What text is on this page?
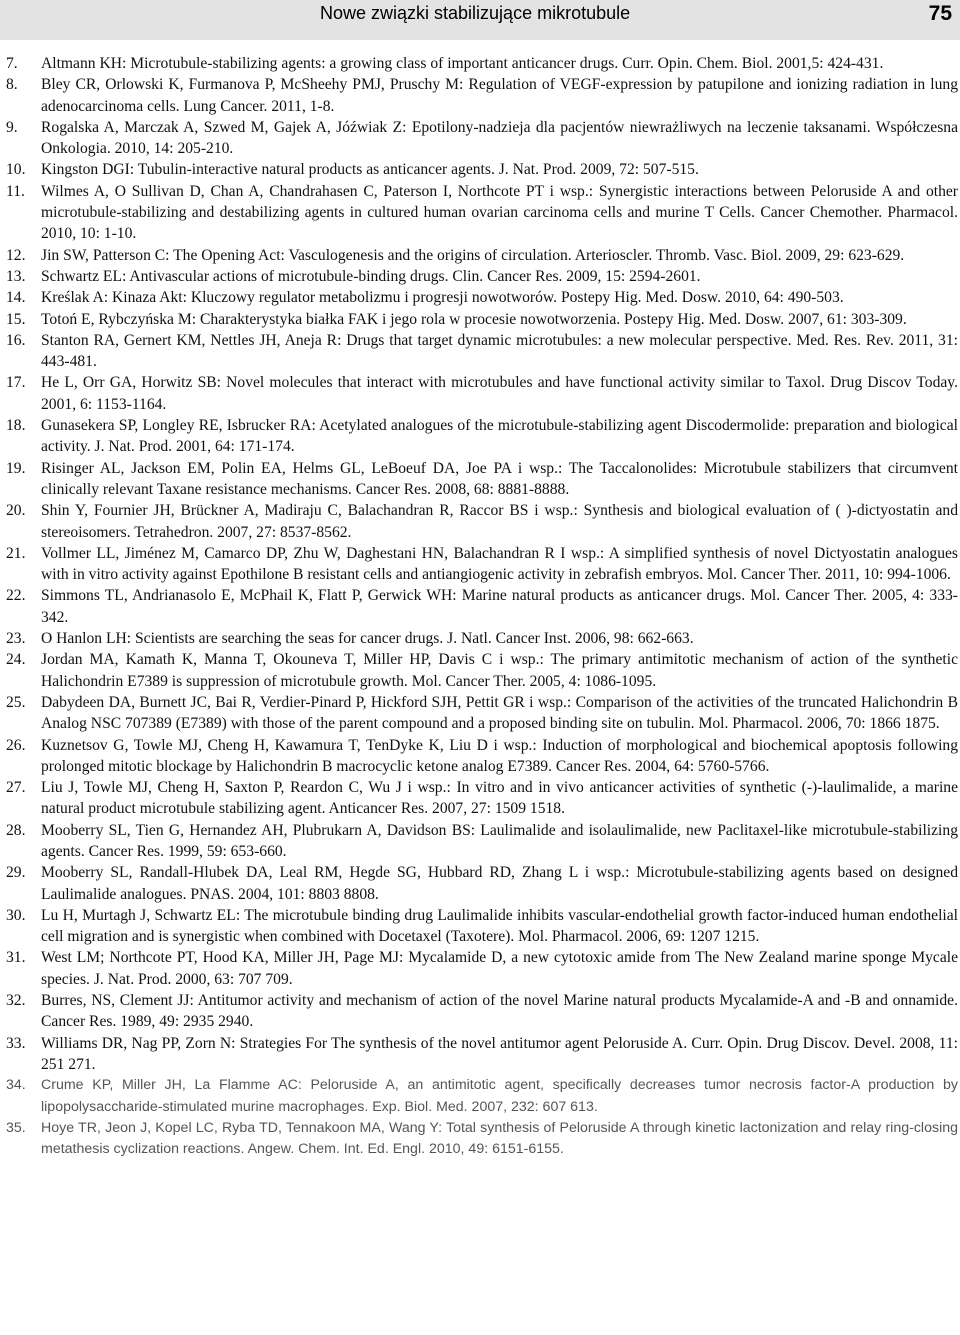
Nowe związki stabilizujące mikrotubule	75
7.	Altmann KH: Microtubule-stabilizing agents: a growing class of important anticancer drugs. Curr. Opin. Chem. Biol. 2001,5: 424-431.
8.	Bley CR, Orlowski K, Furmanova P, McSheehy PMJ, Pruschy M: Regulation of VEGF-expression by patupilone and ionizing radiation in lung adenocarcinoma cells. Lung Cancer. 2011, 1-8.
9.	Rogalska A, Marczak A, Szwed M, Gajek A, Jóźwiak Z: Epotilony-nadzieja dla pacjentów niewrażliwych na leczenie taksanami. Współczesna Onkologia. 2010, 14: 205-210.
10. Kingston DGI: Tubulin-interactive natural products as anticancer agents. J. Nat. Prod. 2009, 72: 507-515.
11.	Wilmes A, O Sullivan D, Chan A, Chandrahasen C, Paterson I, Northcote PT i wsp.: Synergistic interactions between Peloruside A and other microtubule-stabilizing and destabilizing agents in cultured human ovarian carcinoma cells and murine T Cells. Cancer Chemother. Pharmacol. 2010, 10: 1-10.
12. Jin SW, Patterson C: The Opening Act: Vasculogenesis and the origins of circulation. Arterioscler. Thromb. Vasc. Biol. 2009, 29: 623-629.
13. Schwartz EL: Antivascular actions of microtubule-binding drugs. Clin. Cancer Res. 2009, 15: 2594-2601.
14. Kreślak A: Kinaza Akt: Kluczowy regulator metabolizmu i progresji nowotworów. Postepy Hig. Med. Dosw. 2010, 64: 490-503.
15. Totoń E, Rybczyńska M: Charakterystyka białka FAK i jego rola w procesie nowotworzenia. Postepy Hig. Med. Dosw. 2007, 61: 303-309.
16. Stanton RA, Gernert KM, Nettles JH, Aneja R: Drugs that target dynamic microtubules: a new molecular perspective. Med. Res. Rev. 2011, 31: 443-481.
17. He L, Orr GA, Horwitz SB: Novel molecules that interact with microtubules and have functional activity similar to Taxol. Drug Discov Today. 2001, 6: 1153-1164.
18. Gunasekera SP, Longley RE, Isbrucker RA: Acetylated analogues of the microtubule-stabilizing agent Discodermolide: preparation and biological activity. J. Nat. Prod. 2001, 64: 171-174.
19. Risinger AL, Jackson EM, Polin EA, Helms GL, LeBoeuf DA, Joe PA i wsp.: The Taccalonolides: Microtubule stabilizers that circumvent clinically relevant Taxane resistance mechanisms. Cancer Res. 2008, 68: 8881-8888.
20. Shin Y, Fournier JH, Brückner A, Madiraju C, Balachandran R, Raccor BS i wsp.: Synthesis and biological evaluation of ( )-dictyostatin and stereoisomers. Tetrahedron. 2007, 27: 8537-8562.
21. Vollmer LL, Jiménez M, Camarco DP, Zhu W, Daghestani HN, Balachandran R I wsp.: A simplified synthesis of novel Dictyostatin analogues with in vitro activity against Epothilone B resistant cells and antiangiogenic activity in zebrafish embryos. Mol. Cancer Ther. 2011, 10: 994-1006.
22. Simmons TL, Andrianasolo E, McPhail K, Flatt P, Gerwick WH: Marine natural products as anticancer drugs. Mol. Cancer Ther. 2005, 4: 333-342.
23. O Hanlon LH: Scientists are searching the seas for cancer drugs. J. Natl. Cancer Inst. 2006, 98: 662-663.
24. Jordan MA, Kamath K, Manna T, Okouneva T, Miller HP, Davis C i wsp.: The primary antimitotic mechanism of action of the synthetic Halichondrin E7389 is suppression of microtubule growth. Mol. Cancer Ther. 2005, 4: 1086-1095.
25. Dabydeen DA, Burnett JC, Bai R, Verdier-Pinard P, Hickford SJH, Pettit GR i wsp.: Comparison of the activities of the truncated Halichondrin B Analog NSC 707389 (E7389) with those of the parent compound and a proposed binding site on tubulin. Mol. Pharmacol. 2006, 70: 1866 1875.
26. Kuznetsov G, Towle MJ, Cheng H, Kawamura T, TenDyke K, Liu D i wsp.: Induction of morphological and biochemical apoptosis following prolonged mitotic blockage by Halichondrin B macrocyclic ketone analog E7389. Cancer Res. 2004, 64: 5760-5766.
27. Liu J, Towle MJ, Cheng H, Saxton P, Reardon C, Wu J i wsp.: In vitro and in vivo anticancer activities of synthetic (-)-laulimalide, a marine natural product microtubule stabilizing agent. Anticancer Res. 2007, 27: 1509 1518.
28. Mooberry SL, Tien G, Hernandez AH, Plubrukarn A, Davidson BS: Laulimalide and isolaulimalide, new Paclitaxel-like microtubule-stabilizing agents. Cancer Res. 1999, 59: 653-660.
29. Mooberry SL, Randall-Hlubek DA, Leal RM, Hegde SG, Hubbard RD, Zhang L i wsp.: Microtubule-stabilizing agents based on designed Laulimalide analogues. PNAS. 2004, 101: 8803 8808.
30. Lu H, Murtagh J, Schwartz EL: The microtubule binding drug Laulimalide inhibits vascular-endothelial growth factor-induced human endothelial cell migration and is synergistic when combined with Docetaxel (Taxotere). Mol. Pharmacol. 2006, 69: 1207 1215.
31. West LM; Northcote PT, Hood KA, Miller JH, Page MJ: Mycalamide D, a new cytotoxic amide from The New Zealand marine sponge Mycale species. J. Nat. Prod. 2000, 63: 707 709.
32. Burres, NS, Clement JJ: Antitumor activity and mechanism of action of the novel Marine natural products Mycalamide-A and -B and onnamide. Cancer Res. 1989, 49: 2935 2940.
33. Williams DR, Nag PP, Zorn N: Strategies For The synthesis of the novel antitumor agent Peloruside A. Curr. Opin. Drug Discov. Devel. 2008, 11: 251 271.
34.	Crume KP, Miller JH, La Flamme AC: Peloruside A, an antimitotic agent, specifically decreases tumor necrosis factor-A production by lipopolysaccharide-stimulated murine macrophages. Exp. Biol. Med. 2007, 232: 607 613.
35.	Hoye TR, Jeon J, Kopel LC, Ryba TD, Tennakoon MA, Wang Y: Total synthesis of Peloruside A through kinetic lactonization and relay ring-closing metathesis cyclization reactions. Angew. Chem. Int. Ed. Engl. 2010, 49: 6151-6155.
